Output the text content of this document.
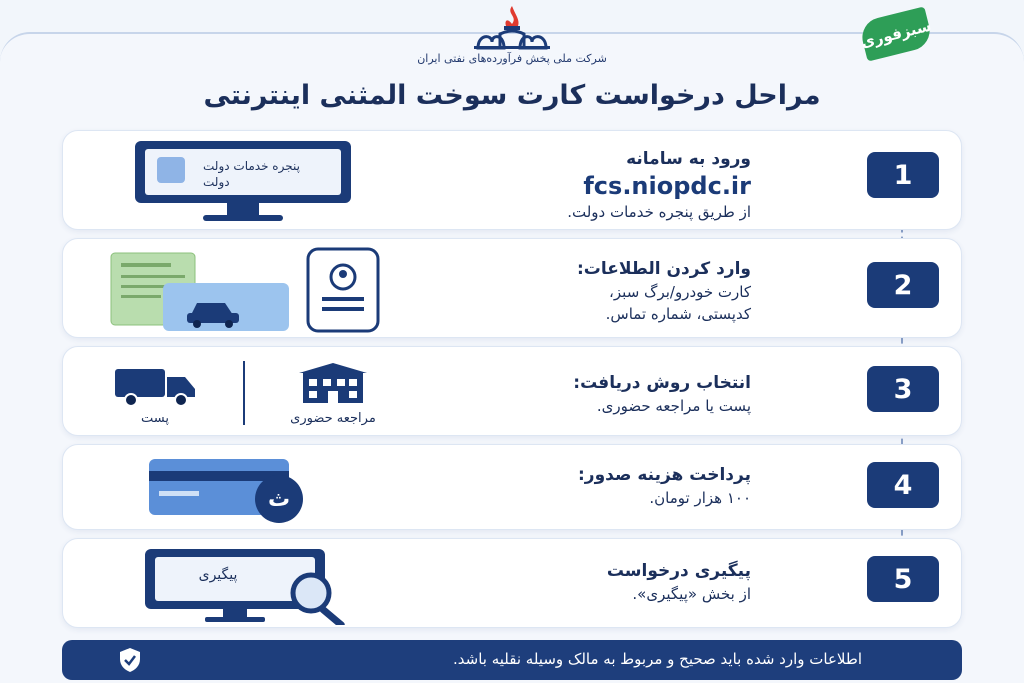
شرکت ملی پخش فرآورده‌های نفتی ایران
سبزفوری
مراحل درخواست کارت سوخت المثنی اینترنتی
پنجره خدمات دولت
دولت
ورود به سامانه
fcs.niopdc.ir
از طریق پنجره خدمات دولت.
1
وارد کردن الطلاعات:
کارت خودرو/برگ سبز،
کدپستی، شماره تماس.
2
پست	مراجعه حضوری
انتخاب روش دریافت:
پست یا مراجعه حضوری.
3
ث
پرداخت هزینه صدور:
۱۰۰ هزار تومان.	4
پیگیری	پیگیری درخواست
از بخش «پیگیری».	5
اطلاعات وارد شده باید صحیح و مربوط به مالک وسیله نقلیه باشد.
